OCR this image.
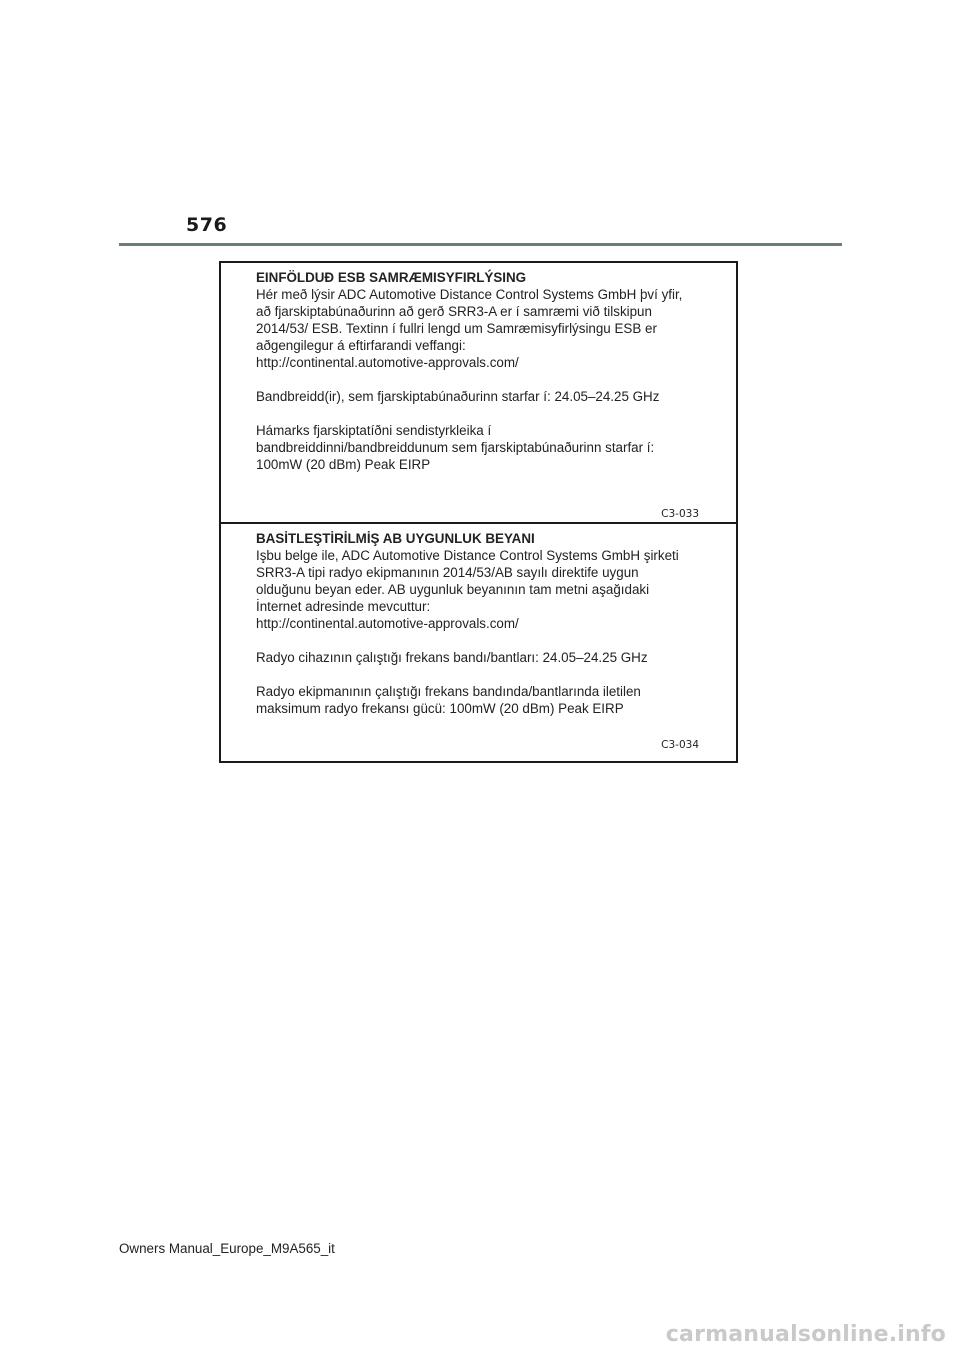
576
EINFÖLDUÐ ESB SAMRÆMISYFIRLÝSING
Hér með lýsir ADC Automotive Distance Control Systems GmbH því yfir,
að fjarskiptabúnaðurinn að gerð SRR3-A er í samræmi við tilskipun
2014/53/ ESB. Textinn í fullri lengd um Samræmisyfirlýsingu ESB er
aðgengilegur á eftirfarandi veffangi:
http://continental.automotive-approvals.com/
Bandbreidd(ir), sem fjarskiptabúnaðurinn starfar í: 24.05–24.25 GHz
Hámarks fjarskiptatíðni sendistyrkleika í
bandbreiddinni/bandbreiddunum sem fjarskiptabúnaðurinn starfar í:
100mW (20 dBm) Peak EIRP
C3-033
BASİTLEŞTİRİLMİŞ AB UYGUNLUK BEYANI
Işbu belge ile, ADC Automotive Distance Control Systems GmbH şirketi
SRR3-A tipi radyo ekipmanının 2014/53/AB sayılı direktife uygun
olduğunu beyan eder. AB uygunluk beyanının tam metni aşağıdaki
İnternet adresinde mevcuttur:
http://continental.automotive-approvals.com/
Radyo cihazının çalıştığı frekans bandı/bantları: 24.05–24.25 GHz
Radyo ekipmanının çalıştığı frekans bandında/bantlarında iletilen
maksimum radyo frekansı gücü: 100mW (20 dBm) Peak EIRP
C3-034
Owners Manual_Europe_M9A565_it
carmanualsonline.info
